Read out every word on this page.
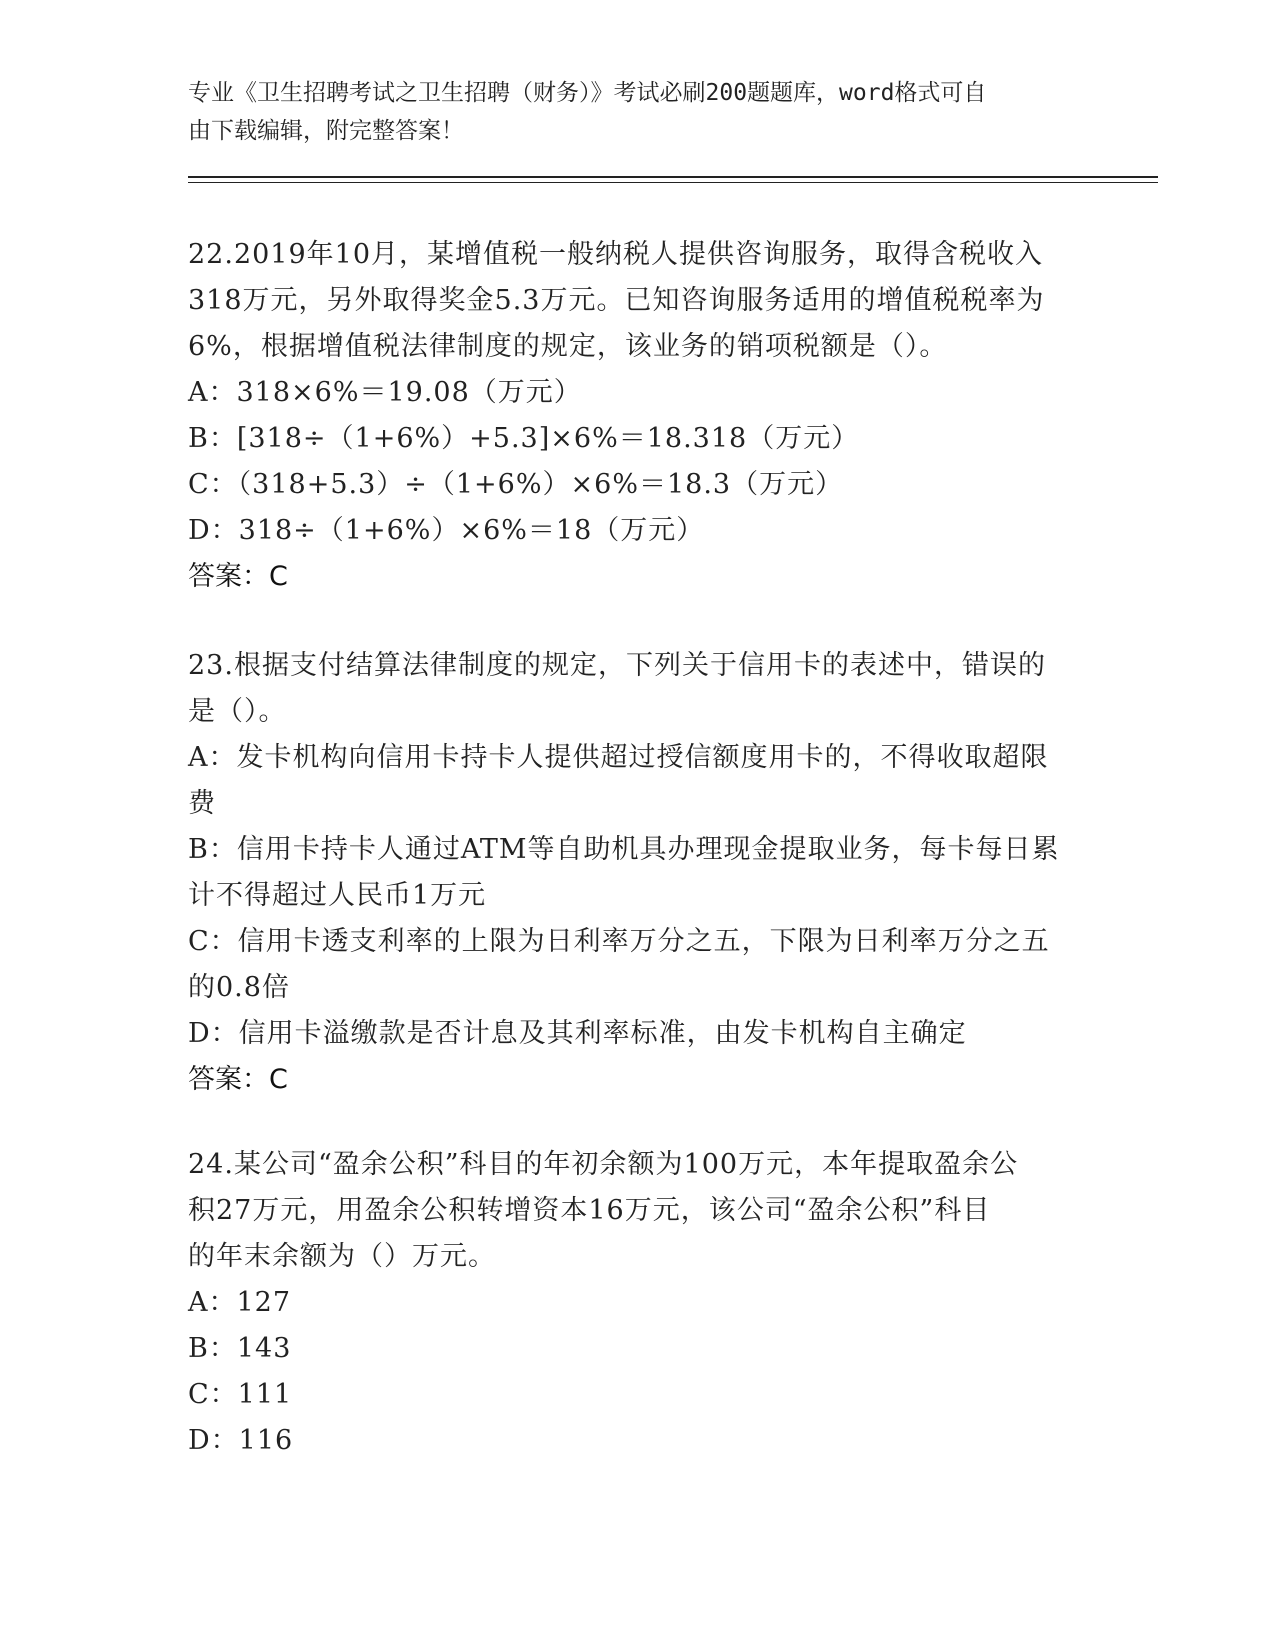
专业《卫生招聘考试之卫生招聘（财务）》考试必刷200题题库，word格式可自
由下载编辑，附完整答案！
22.2019年10月，某增值税一般纳税人提供咨询服务，取得含税收入
318万元，另外取得奖金5.3万元。已知咨询服务适用的增值税税率为
6%，根据增值税法律制度的规定，该业务的销项税额是（）。
A：318×6%＝19.08（万元）
B：[318÷（1+6%）+5.3]×6%＝18.318（万元）
C：（318+5.3）÷（1+6%）×6%＝18.3（万元）
D：318÷（1+6%）×6%＝18（万元）
答案：C
23.根据支付结算法律制度的规定，下列关于信用卡的表述中，错误的
是（）。
A：发卡机构向信用卡持卡人提供超过授信额度用卡的，不得收取超限
费
B：信用卡持卡人通过ATM等自助机具办理现金提取业务，每卡每日累
计不得超过人民币1万元
C：信用卡透支利率的上限为日利率万分之五，下限为日利率万分之五
的0.8倍
D：信用卡溢缴款是否计息及其利率标准，由发卡机构自主确定
答案：C
24.某公司“盈余公积”科目的年初余额为100万元，本年提取盈余公
积27万元，用盈余公积转增资本16万元，该公司“盈余公积”科目
的年末余额为（）万元。
A：127
B：143
C：111
D：116
